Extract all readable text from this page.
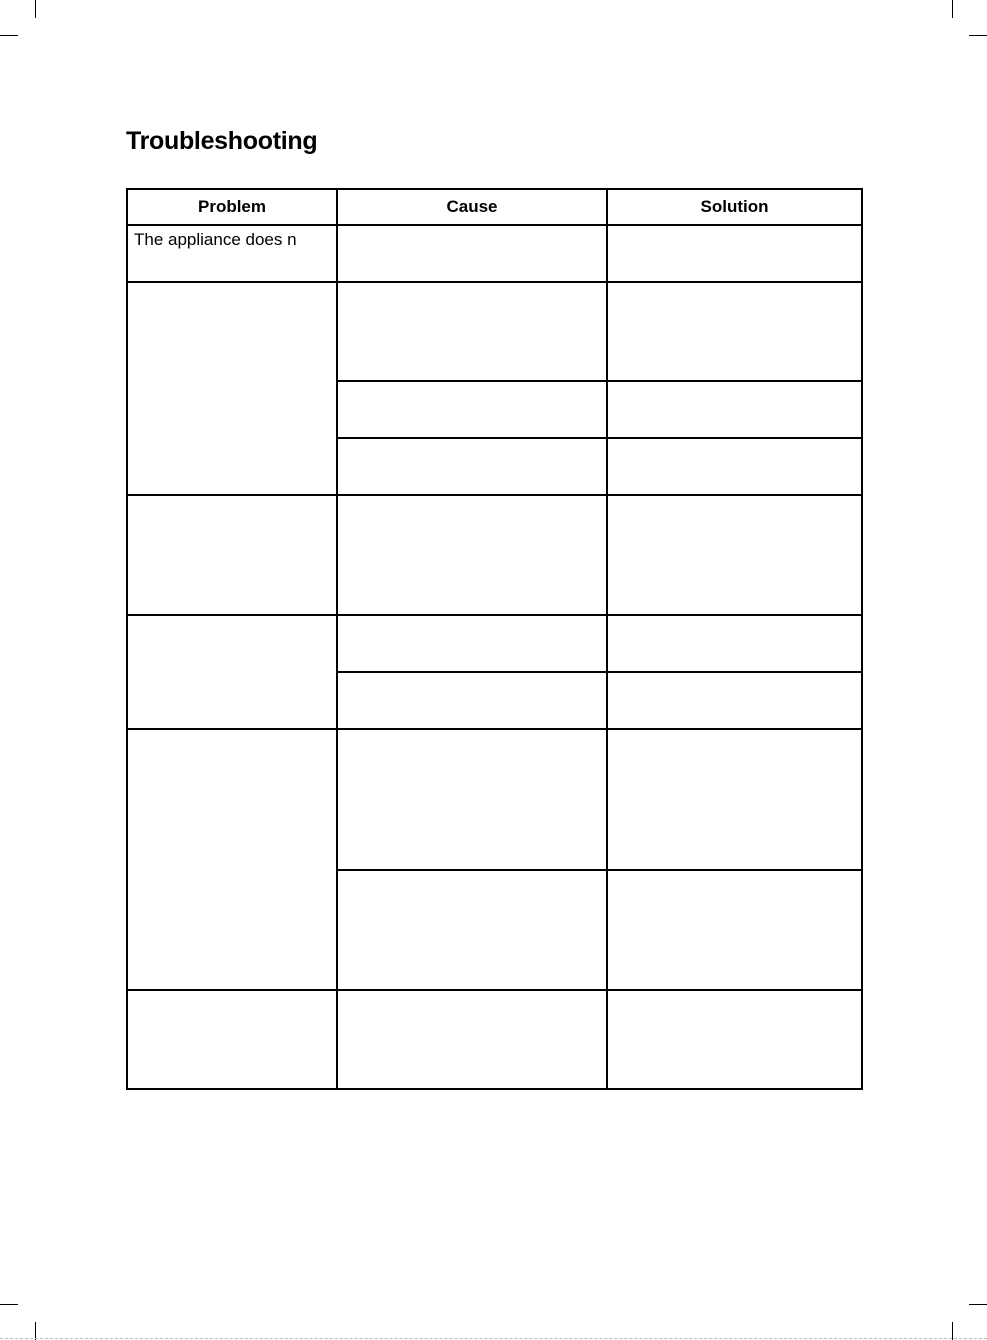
Troubleshooting
Problem	Cause	Solution

The appliance does n		
